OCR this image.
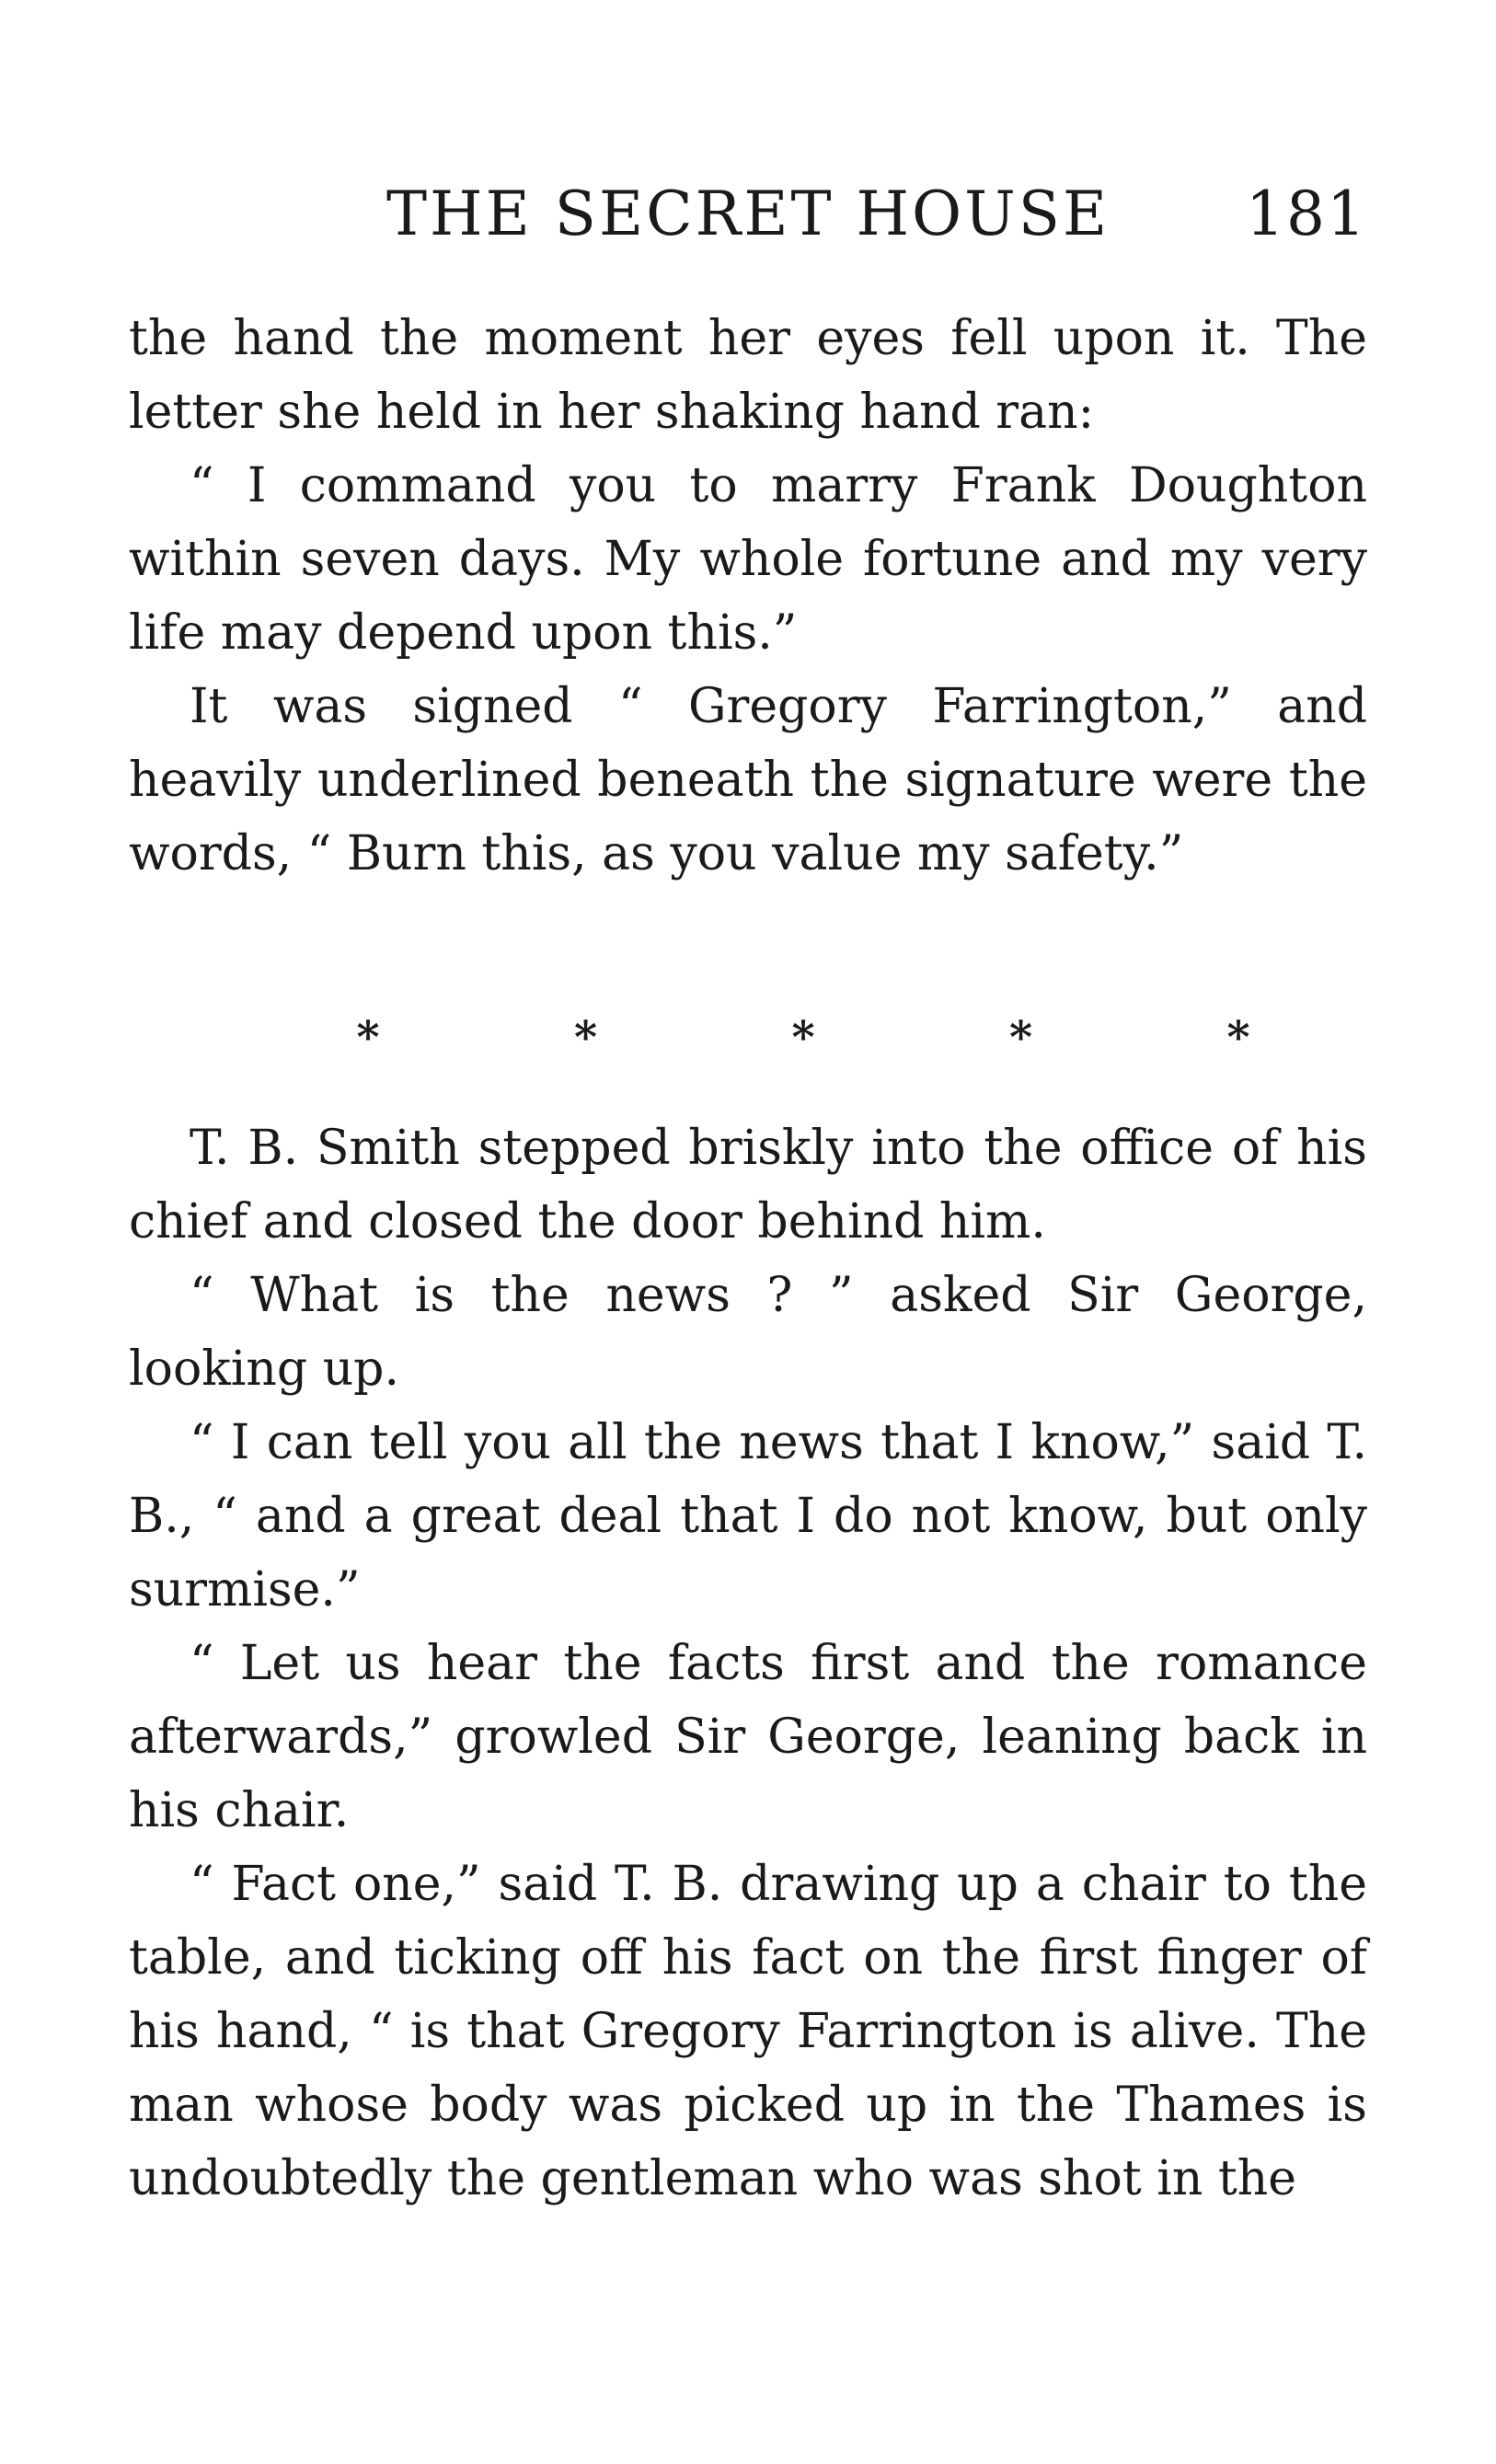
THE SECRET HOUSE 181

the hand the moment her eyes fell upon it. The letter she held in her shaking hand ran:

“ I command you to marry Frank Doughton within seven days. My whole fortune and my very life may depend upon this.”

It was signed “ Gregory Farrington,” and heavily underlined beneath the signature were the words, “ Burn this, as you value my safety.”

*	*	*	*	*

T. B. Smith stepped briskly into the office of his chief and closed the door behind him.

“ What is the news ? ” asked Sir George, looking up.

“ I can tell you all the news that I know,” said T. B., “ and a great deal that I do not know, but only surmise.”

“ Let us hear the facts first and the romance afterwards,” growled Sir George, leaning back in his chair.

“ Fact one,” said T. B. drawing up a chair to the table, and ticking off his fact on the first finger of his hand, “ is that Gregory Farrington is alive. The man whose body was picked up in the Thames is undoubtedly the gentleman who was shot in the
